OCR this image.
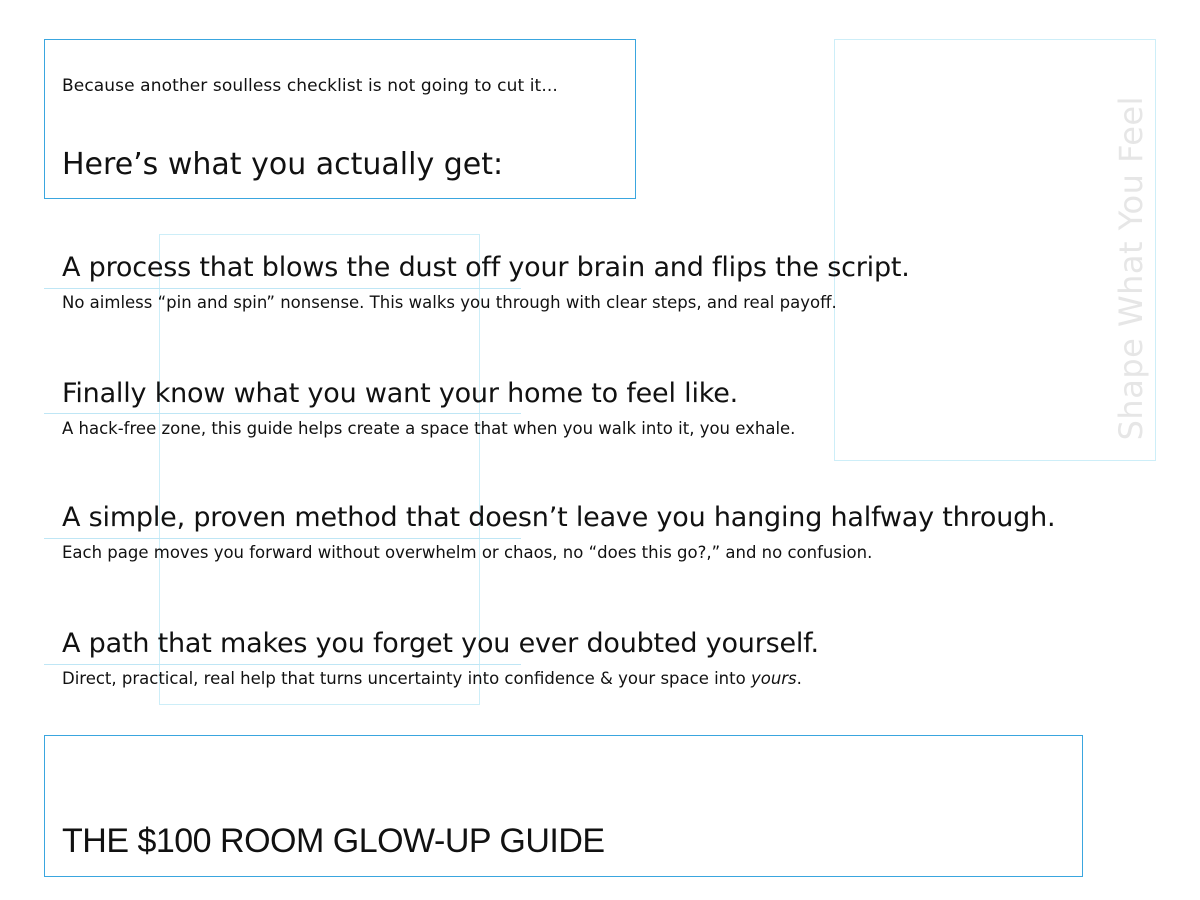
Because another soulless checklist is not going to cut it...
Here’s what you actually get:	Shape What You Feel
A process that blows the dust off your brain and flips the script.
No aimless “pin and spin” nonsense. This walks you through with clear steps, and real payoff.
Finally know what you want your home to feel like.
A hack-free zone, this guide helps create a space that when you walk into it, you exhale.
A simple, proven method that doesn’t leave you hanging halfway through.
Each page moves you forward without overwhelm or chaos, no “does this go?,” and no confusion.
A path that makes you forget you ever doubted yourself.
Direct, practical, real help that turns uncertainty into confidence & your space into yours.
THE $100 ROOM GLOW-UP GUIDE
